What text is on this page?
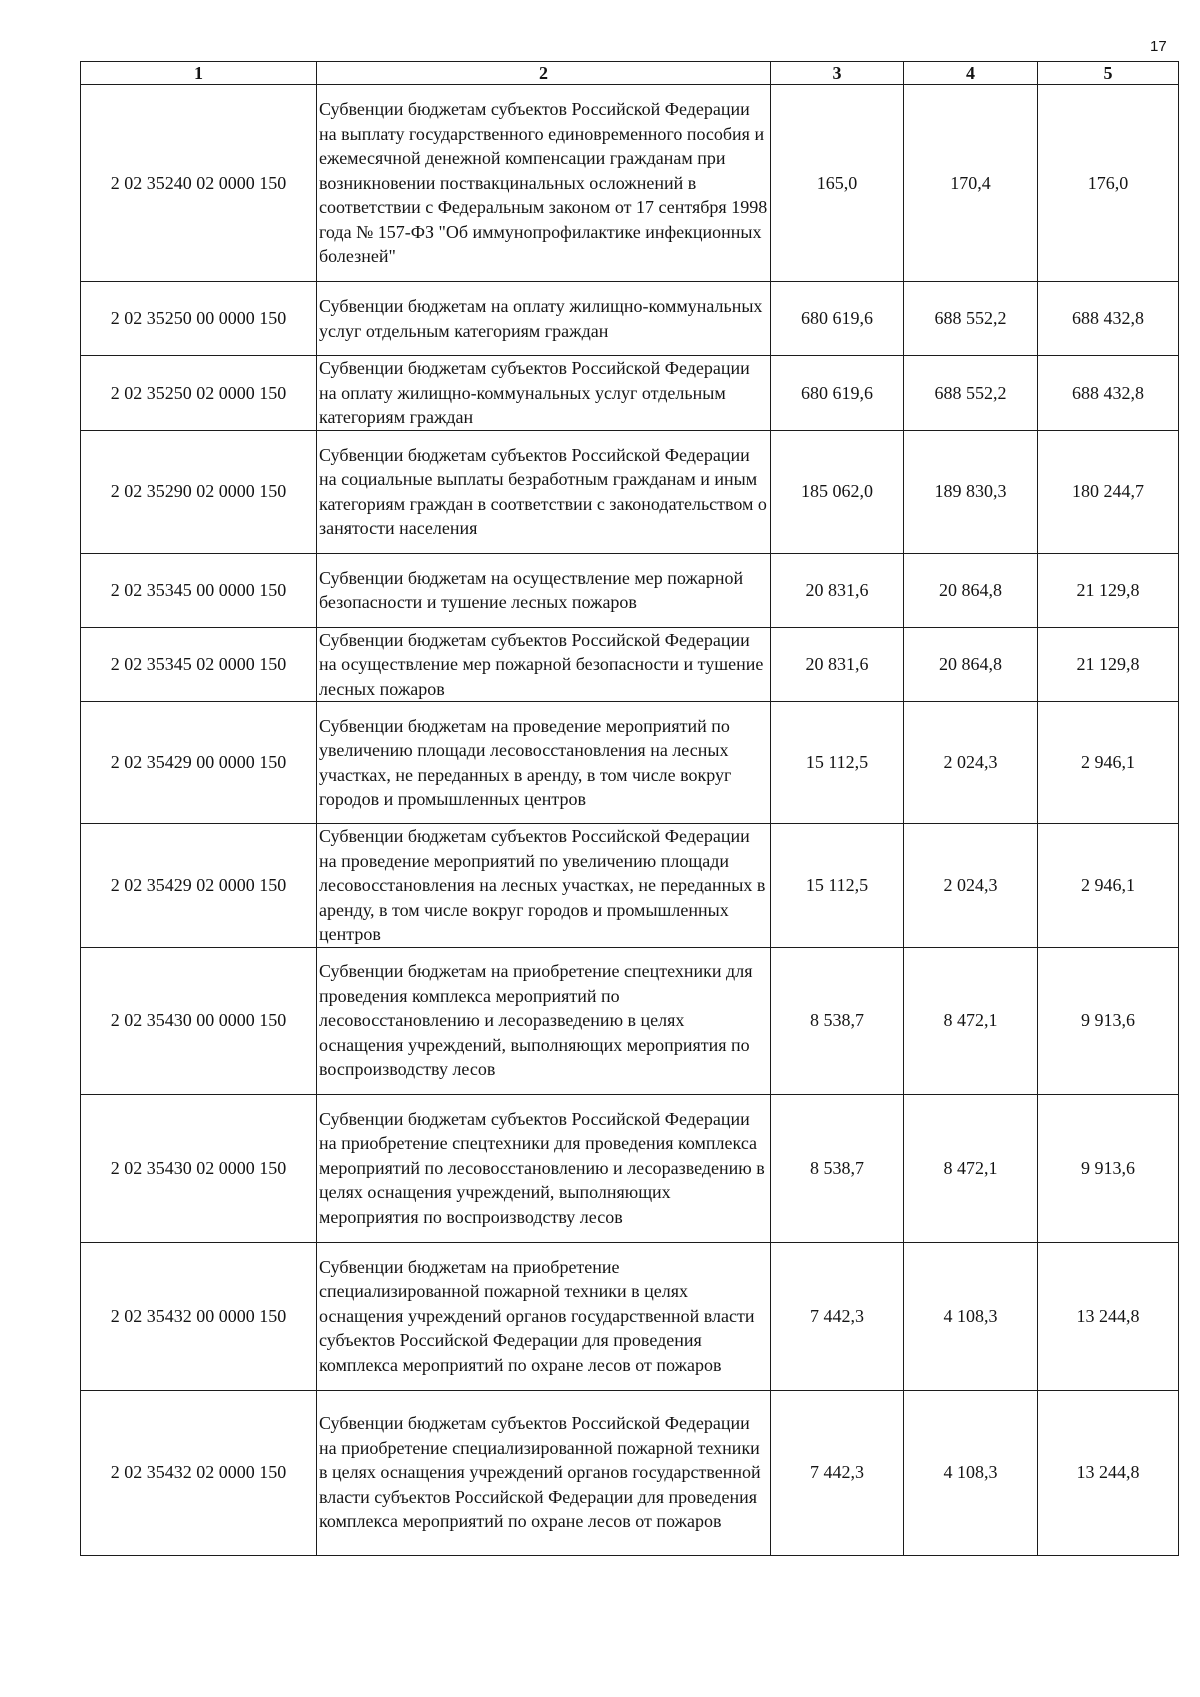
17
1	2	3	4	5
2 02 35240 02 0000 150	Субвенции бюджетам субъектов Российской Федерации на выплату государственного единовременного пособия и ежемесячной денежной компенсации гражданам при возникновении поствакцинальных осложнений в соответствии с Федеральным законом от 17 сентября 1998 года № 157-ФЗ "Об иммунопрофилактике инфекционных болезней"	165,0	170,4	176,0
2 02 35250 00 0000 150	Субвенции бюджетам на оплату жилищно-коммунальных услуг отдельным категориям граждан	680 619,6	688 552,2	688 432,8
2 02 35250 02 0000 150	Субвенции бюджетам субъектов Российской Федерации на оплату жилищно-коммунальных услуг отдельным категориям граждан	680 619,6	688 552,2	688 432,8
2 02 35290 02 0000 150	Субвенции бюджетам субъектов Российской Федерации на социальные выплаты безработным гражданам и иным категориям граждан в соответствии с законодательством о занятости населения	185 062,0	189 830,3	180 244,7
2 02 35345 00 0000 150	Субвенции бюджетам на осуществление мер пожарной безопасности и тушение лесных пожаров	20 831,6	20 864,8	21 129,8
2 02 35345 02 0000 150	Субвенции бюджетам субъектов Российской Федерации на осуществление мер пожарной безопасности и тушение лесных пожаров	20 831,6	20 864,8	21 129,8
2 02 35429 00 0000 150	Субвенции бюджетам на проведение мероприятий по увеличению площади лесовосстановления на лесных участках, не переданных в аренду, в том числе вокруг городов и промышленных центров	15 112,5	2 024,3	2 946,1
2 02 35429 02 0000 150	Субвенции бюджетам субъектов Российской Федерации на проведение мероприятий по увеличению площади лесовосстановления на лесных участках, не переданных в аренду, в том числе вокруг городов и промышленных центров	15 112,5	2 024,3	2 946,1
2 02 35430 00 0000 150	Субвенции бюджетам на приобретение спецтехники для проведения комплекса мероприятий по лесовосстановлению и лесоразведению в целях оснащения учреждений, выполняющих мероприятия по воспроизводству лесов	8 538,7	8 472,1	9 913,6
2 02 35430 02 0000 150	Субвенции бюджетам субъектов Российской Федерации на приобретение спецтехники для проведения комплекса мероприятий по лесовосстановлению и лесоразведению в целях оснащения учреждений, выполняющих мероприятия по воспроизводству лесов	8 538,7	8 472,1	9 913,6
2 02 35432 00 0000 150	Субвенции бюджетам на приобретение специализированной пожарной техники в целях оснащения учреждений органов государственной власти субъектов Российской Федерации для проведения комплекса мероприятий по охране лесов от пожаров	7 442,3	4 108,3	13 244,8
2 02 35432 02 0000 150	Субвенции бюджетам субъектов Российской Федерации на приобретение специализированной пожарной техники в целях оснащения учреждений органов государственной власти субъектов Российской Федерации для проведения комплекса мероприятий по охране лесов от пожаров	7 442,3	4 108,3	13 244,8
